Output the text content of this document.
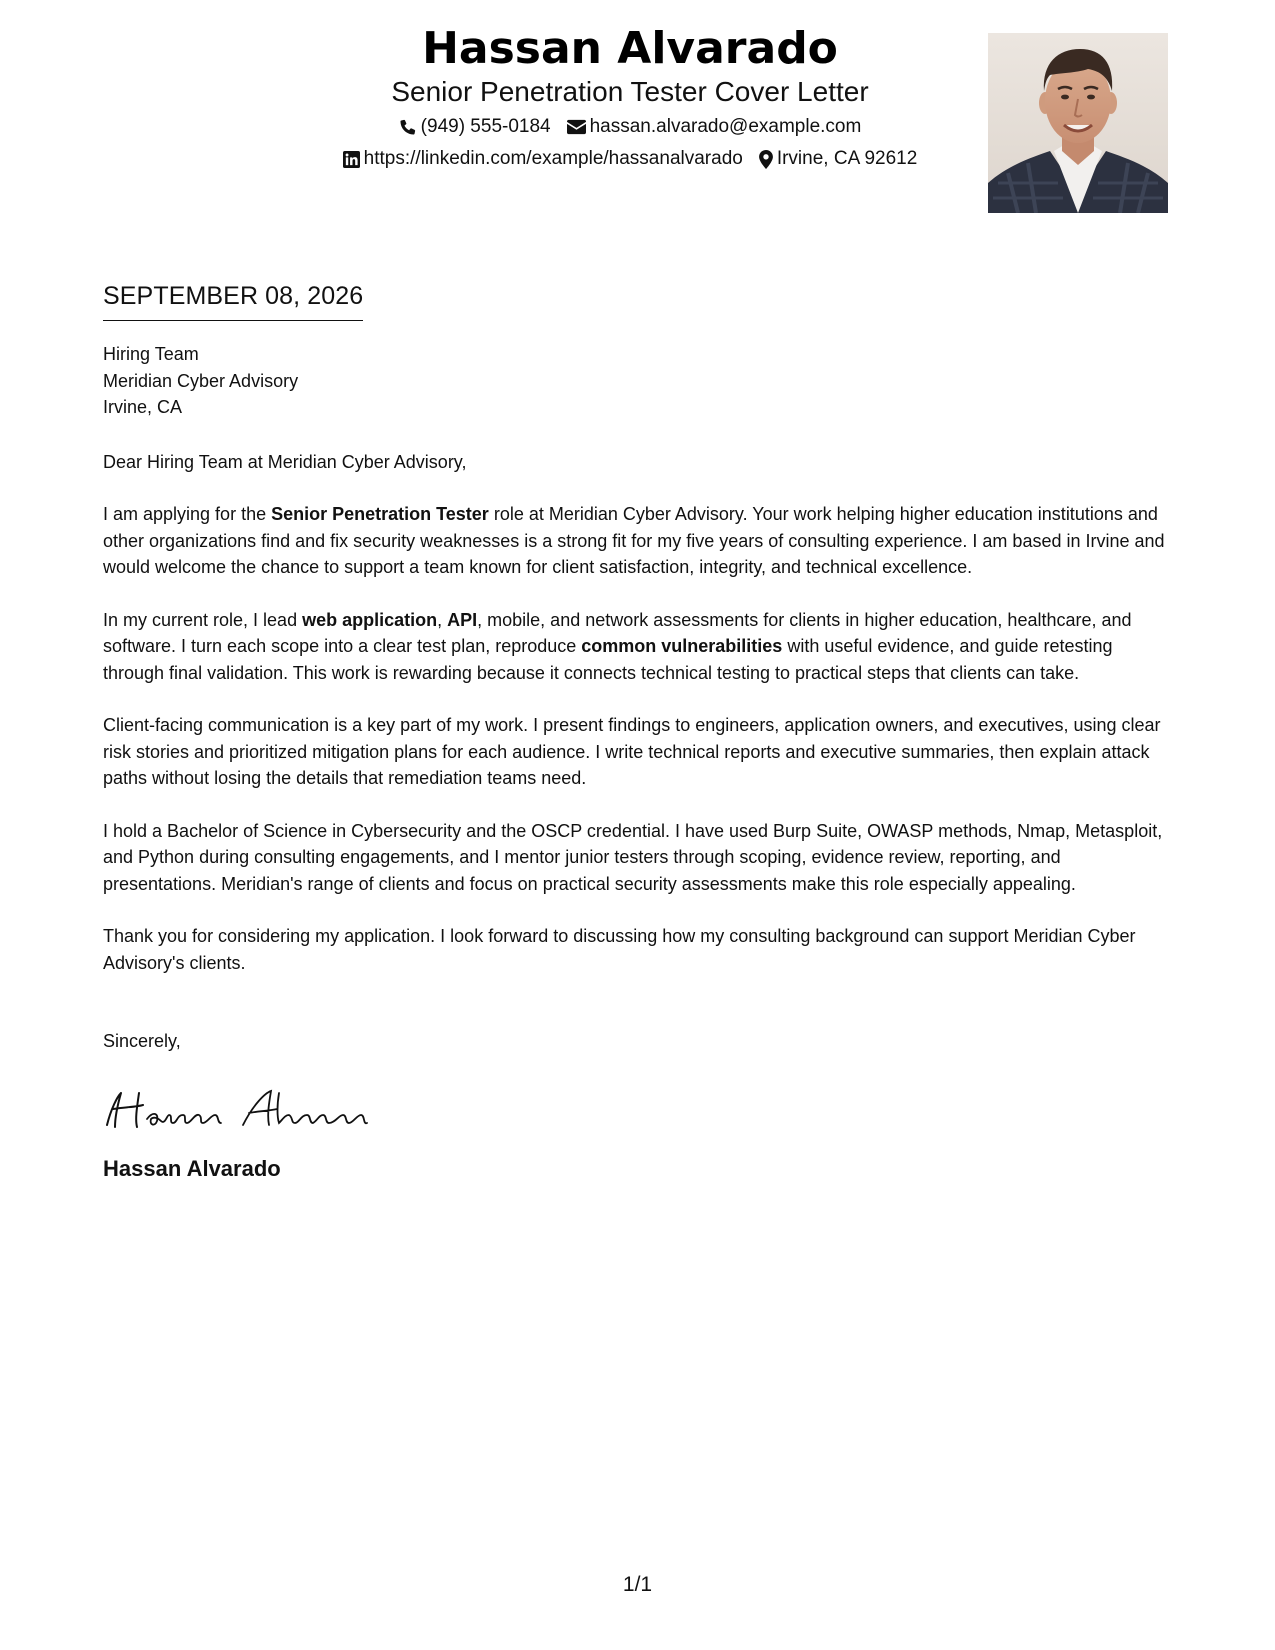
Hassan Alvarado
Senior Penetration Tester Cover Letter
(949) 555-0184 hassan.alvarado@example.com
https://linkedin.com/example/hassanalvarado Irvine, CA 92612
SEPTEMBER 08, 2026
Hiring Team
Meridian Cyber Advisory
Irvine, CA
Dear Hiring Team at Meridian Cyber Advisory,

I am applying for the Senior Penetration Tester role at Meridian Cyber Advisory. Your work helping higher education institutions and other organizations find and fix security weaknesses is a strong fit for my five years of consulting experience. I am based in Irvine and would welcome the chance to support a team known for client satisfaction, integrity, and technical excellence.

In my current role, I lead web application, API, mobile, and network assessments for clients in higher education, healthcare, and software. I turn each scope into a clear test plan, reproduce common vulnerabilities with useful evidence, and guide retesting through final validation. This work is rewarding because it connects technical testing to practical steps that clients can take.

Client-facing communication is a key part of my work. I present findings to engineers, application owners, and executives, using clear risk stories and prioritized mitigation plans for each audience. I write technical reports and executive summaries, then explain attack paths without losing the details that remediation teams need.

I hold a Bachelor of Science in Cybersecurity and the OSCP credential. I have used Burp Suite, OWASP methods, Nmap, Metasploit, and Python during consulting engagements, and I mentor junior testers through scoping, evidence review, reporting, and presentations. Meridian's range of clients and focus on practical security assessments make this role especially appealing.

Thank you for considering my application. I look forward to discussing how my consulting background can support Meridian Cyber Advisory's clients.

Sincerely,
Hassan Alvarado
1/1
